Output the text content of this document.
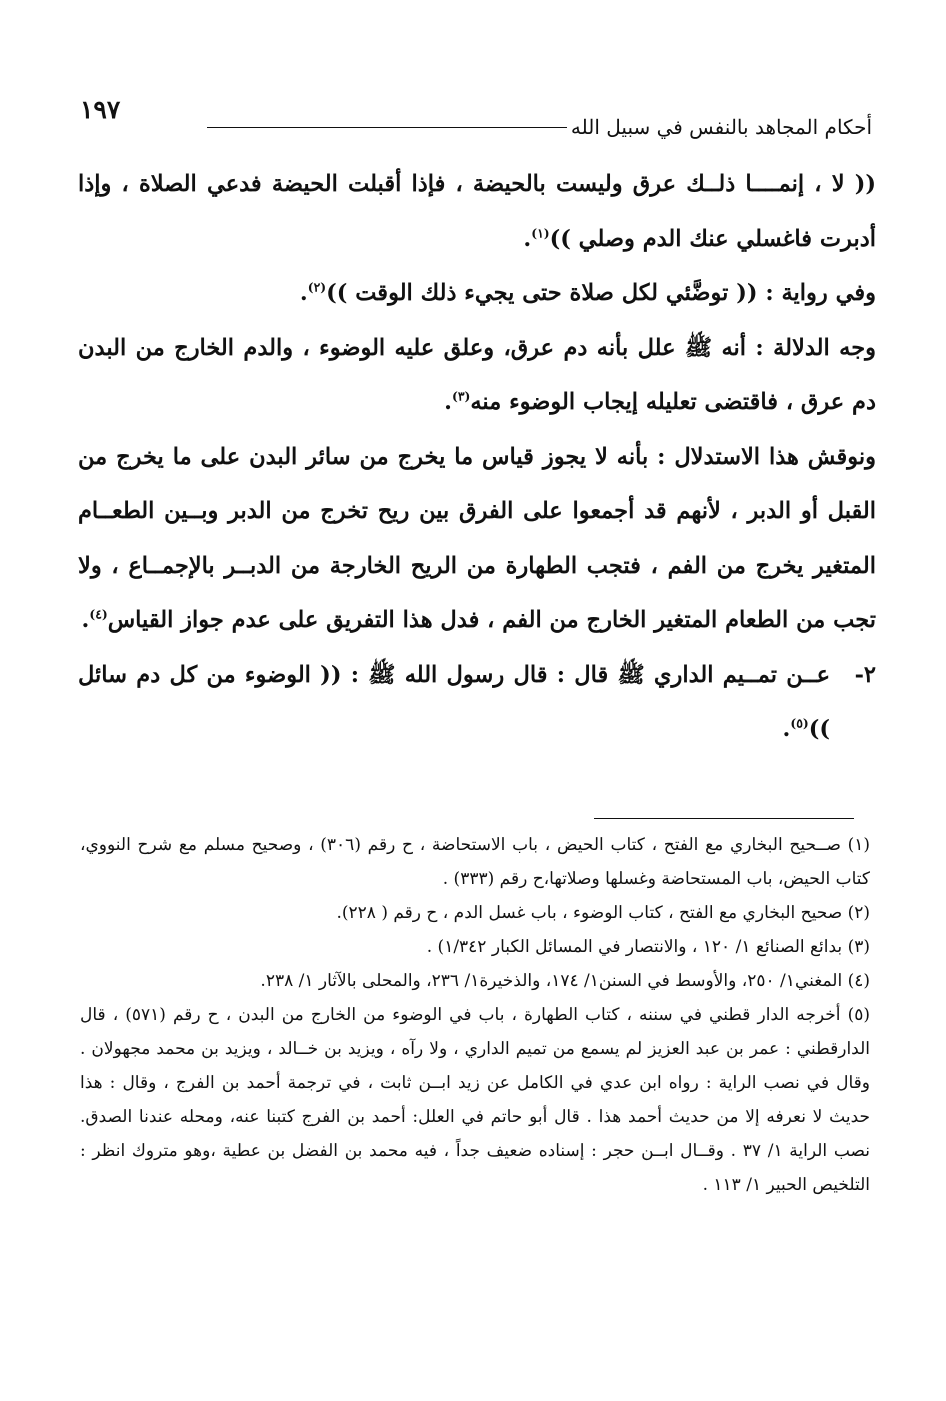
١٩٧
أحكام المجاهد بالنفس في سبيل الله

(( لا ، إنمــــا ذلــك عرق وليست بالحيضة ، فإذا أقبلت الحيضة فدعي الصلاة ، وإذا أدبرت فاغسلي عنك الدم وصلي ))$^{(١)}$.

وفي رواية : (( توضَّئي لكل صلاة حتى يجيء ذلك الوقت ))$^{(٢)}$.

وجه الدلالة : أنه ﷺ علل بأنه دم عرق، وعلق عليه الوضوء ، والدم الخارج من البدن دم عرق ، فاقتضى تعليله إيجاب الوضوء منه$^{(٣)}$.

ونوقش هذا الاستدلال : بأنه لا يجوز قياس ما يخرج من سائر البدن على ما يخرج من القبل أو الدبر ، لأنهم قد أجمعوا على الفرق بين ريح تخرج من الدبر وبــين الطعــام المتغير يخرج من الفم ، فتجب الطهارة من الريح الخارجة من الدبــر بالإجمــاع ، ولا تجب من الطعام المتغير الخارج من الفم ، فدل هذا التفريق على عدم جواز القياس$^{(٤)}$.

٢-
عــن تمــيم الداري ﷺ قال : قال رسول الله ﷺ : (( الوضوء من كل دم سائل ))$^{(٥)}$.

(١) صــحيح البخاري مع الفتح ، كتاب الحيض ، باب الاستحاضة ، ح رقم (٣٠٦) ، وصحيح مسلم مع شرح النووي، كتاب الحيض، باب المستحاضة وغسلها وصلاتها،ح رقم (٣٣٣) .

(٢) صحيح البخاري مع الفتح ، كتاب الوضوء ، باب غسل الدم ، ح رقم ( ٢٢٨).

(٣) بدائع الصنائع ١/ ١٢٠ ، والانتصار في المسائل الكبار ١/٣٤٢) .

(٤) المغني١/ ٢٥٠، والأوسط في السنن١/ ١٧٤، والذخيرة١/ ٢٣٦، والمحلى بالآثار ١/ ٢٣٨.

(٥) أخرجه الدار قطني في سننه ، كتاب الطهارة ، باب في الوضوء من الخارج من البدن ، ح رقم (٥٧١) ، قال الدارقطني : عمر بن عبد العزيز لم يسمع من تميم الداري ، ولا رآه ، ويزيد بن خــالد ، ويزيد بن محمد مجهولان . وقال في نصب الراية : رواه ابن عدي في الكامل عن زيد ابــن ثابت ، في ترجمة أحمد بن الفرج ، وقال : هذا حديث لا نعرفه إلا من حديث أحمد هذا . قال أبو حاتم في العلل: أحمد بن الفرج كتبنا عنه، ومحله عندنا الصدق. نصب الراية ١/ ٣٧ . وقــال ابــن حجر : إسناده ضعيف جداً ، فيه محمد بن الفضل بن عطية ،وهو متروك انظر : التلخيص الحبير ١/ ١١٣ .
